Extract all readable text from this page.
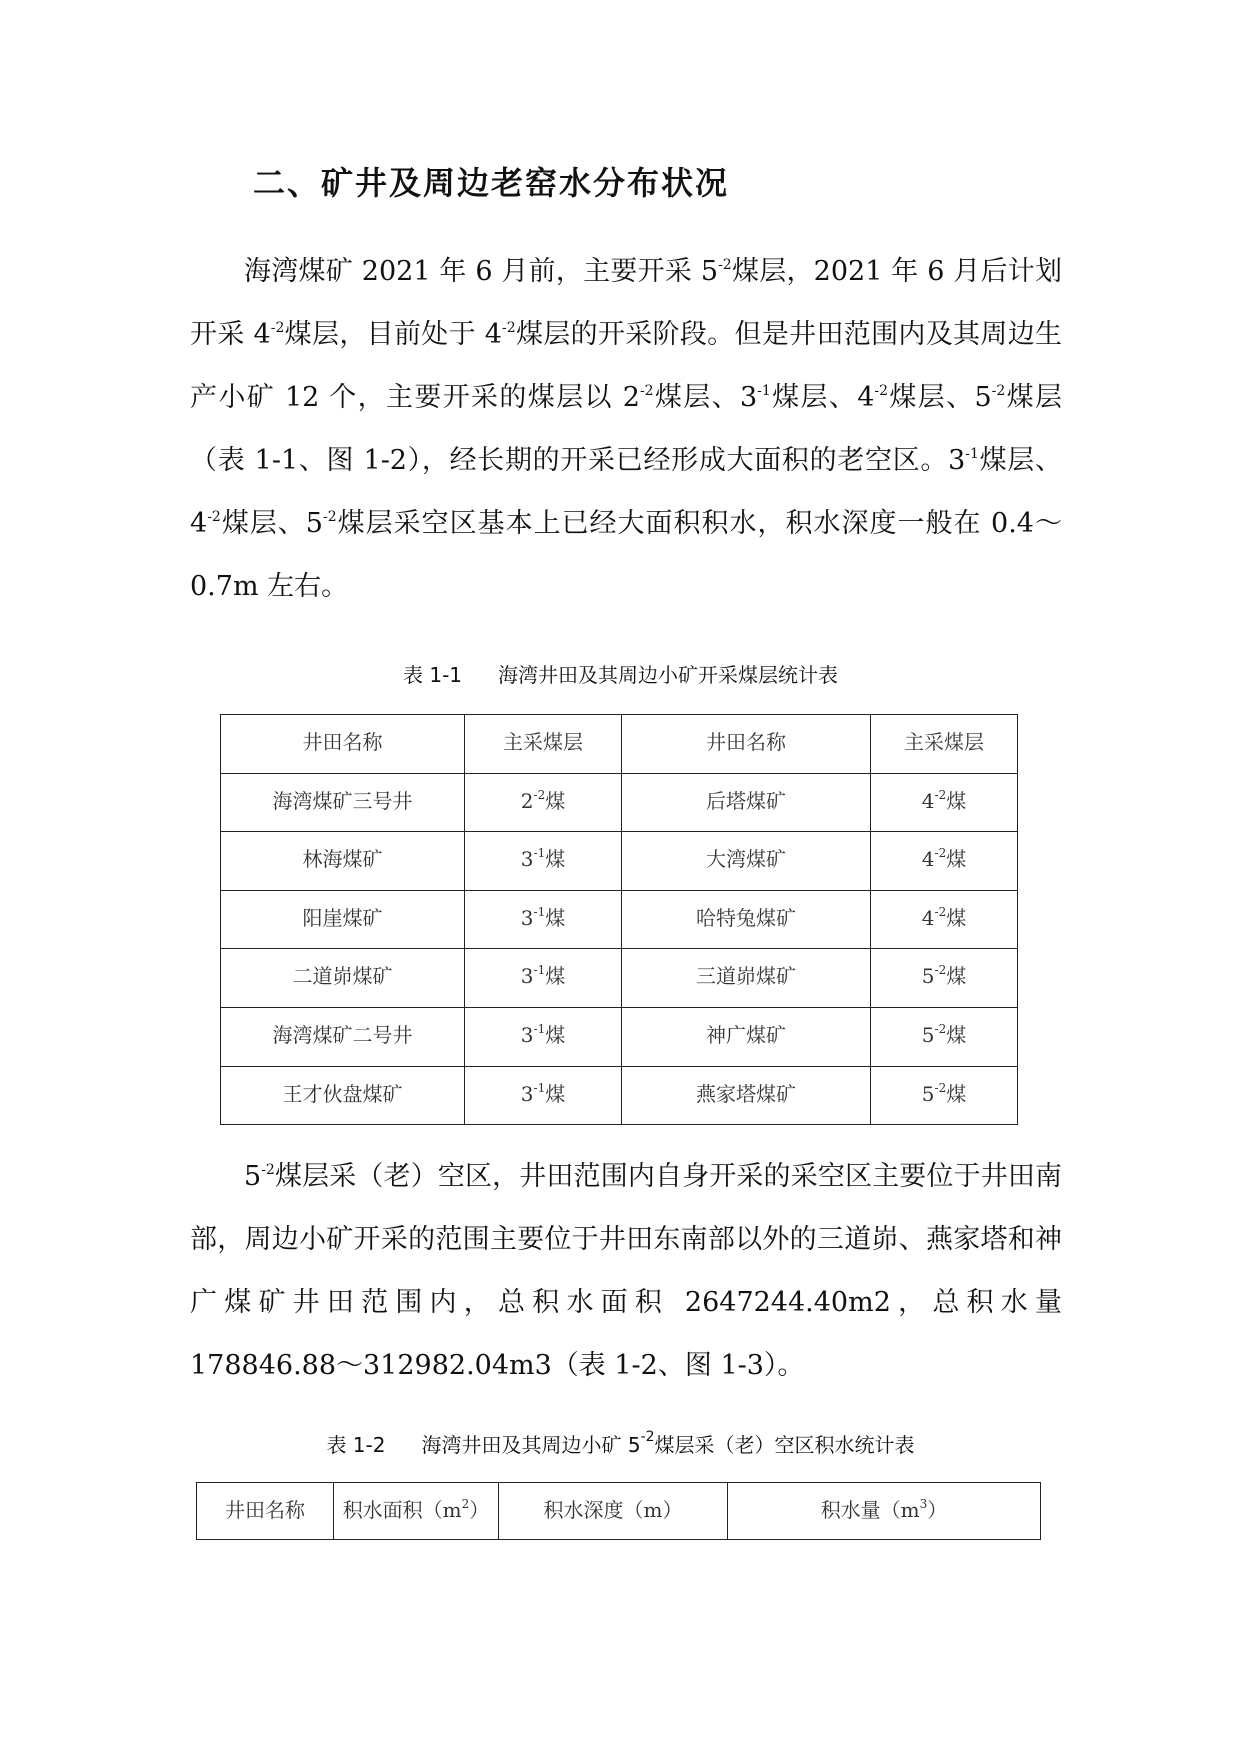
二、矿井及周边老窑水分布状况

海湾煤矿 2021 年 6 月前，主要开采 $5^{-2}$煤层，2021 年 6 月后计划开采 $4^{-2}$煤层，目前处于 $4^{-2}$煤层的开采阶段。但是井田范围内及其周边生产小矿 12 个，主要开采的煤层以 $2^{-2}$煤层、$3^{-1}$煤层、$4^{-2}$煤层、$5^{-2}$煤层（表 1-1、图 1-2），经长期的开采已经形成大面积的老空区。$3^{-1}$煤层、$4^{-2}$煤层、$5^{-2}$煤层采空区基本上已经大面积积水，积水深度一般在 0.4～0.7m 左右。

表 1-1 海湾井田及其周边小矿开采煤层统计表
井田名称	主采煤层	井田名称	主采煤层
海湾煤矿三号井	$2^{-2}$煤	后塔煤矿	$4^{-2}$煤
林海煤矿	$3^{-1}$煤	大湾煤矿	$4^{-2}$煤
阳崖煤矿	$3^{-1}$煤	哈特兔煤矿	$4^{-2}$煤
二道峁煤矿	$3^{-1}$煤	三道峁煤矿	$5^{-2}$煤
海湾煤矿二号井	$3^{-1}$煤	神广煤矿	$5^{-2}$煤
王才伙盘煤矿	$3^{-1}$煤	燕家塔煤矿	$5^{-2}$煤

$5^{-2}$煤层采（老）空区，井田范围内自身开采的采空区主要位于井田南部，周边小矿开采的范围主要位于井田东南部以外的三道峁、燕家塔和神广煤矿井田范围内，总积水面积 2647244.40m2，总积水量 178846.88～312982.04m3（表 1-2、图 1-3）。

表 1-2 海湾井田及其周边小矿 $5^{-2}$煤层采（老）空区积水统计表
井田名称	积水面积$(m^2)$	积水深度（m）	积水量$(m^3)$
